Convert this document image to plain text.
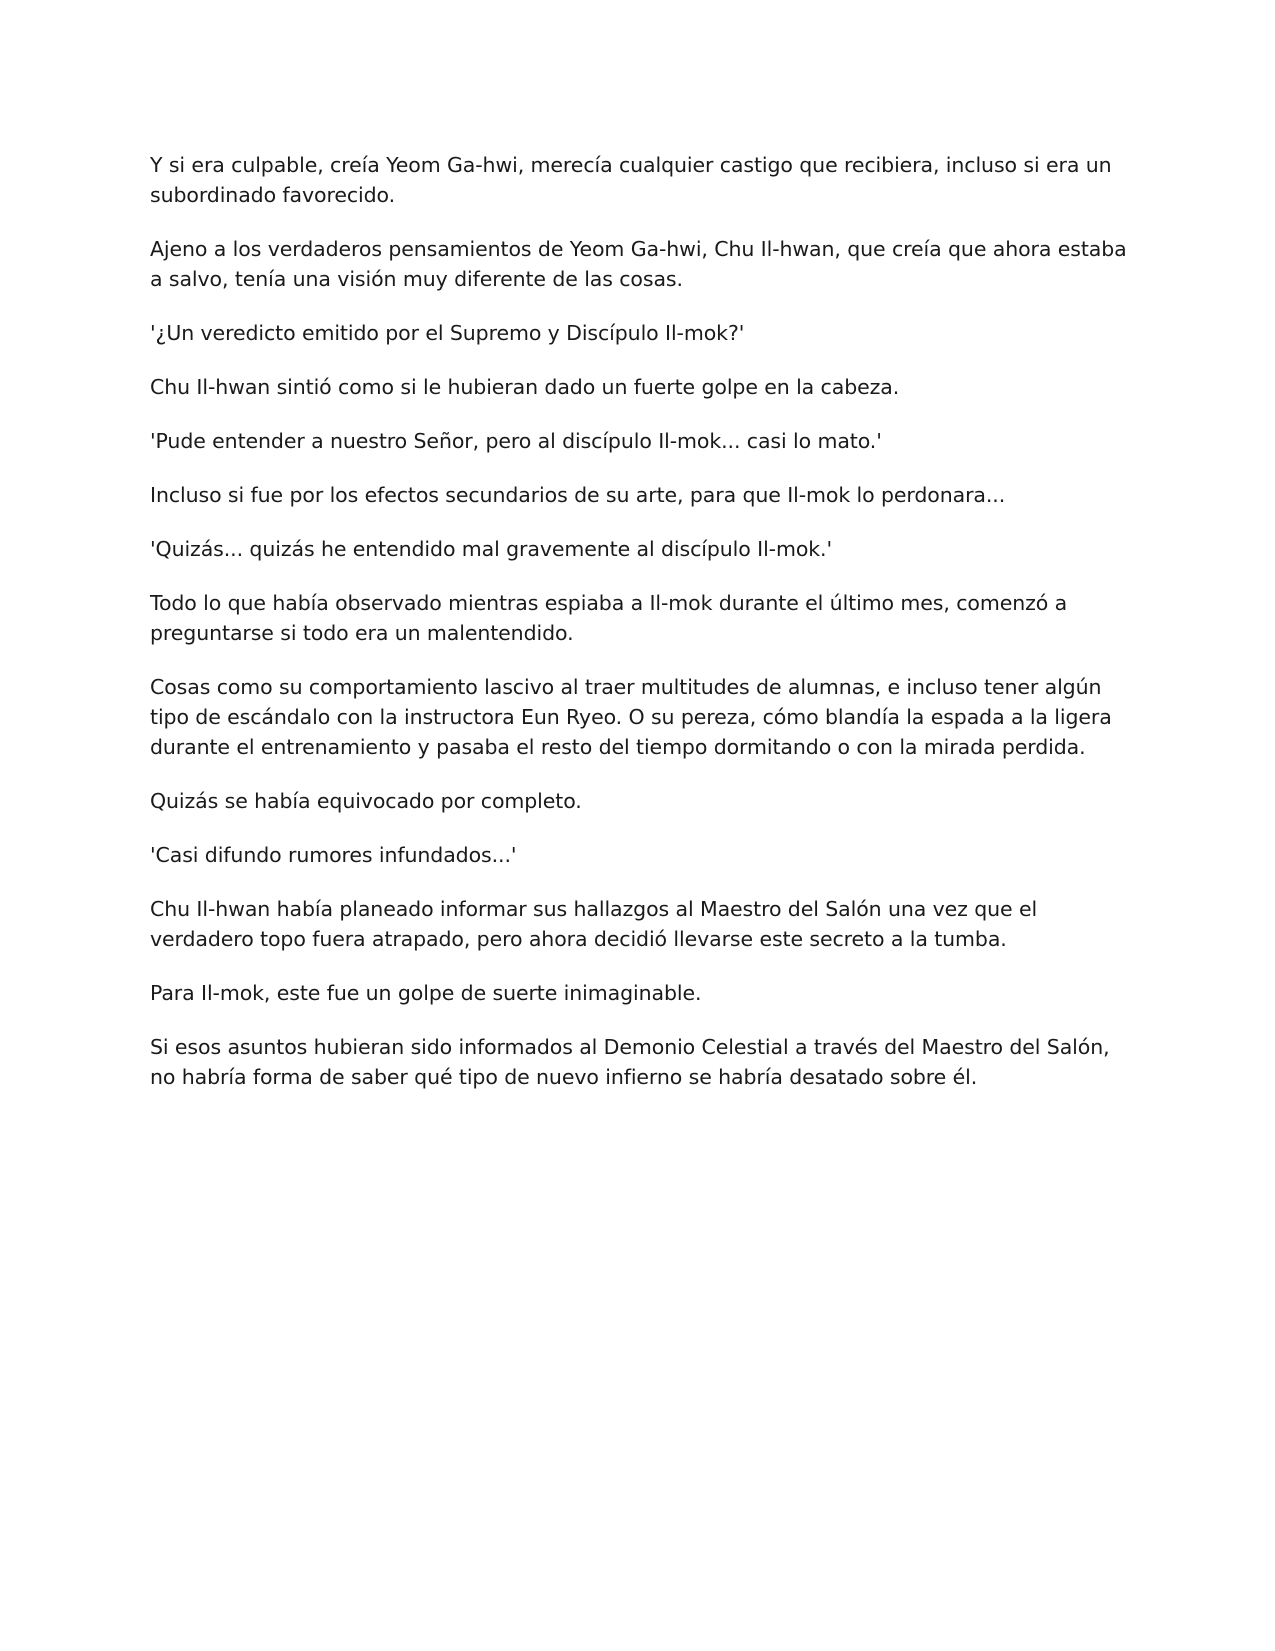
Y si era culpable, creía Yeom Ga-hwi, merecía cualquier castigo que recibiera, incluso si era un subordinado favorecido.

Ajeno a los verdaderos pensamientos de Yeom Ga-hwi, Chu Il-hwan, que creía que ahora estaba a salvo, tenía una visión muy diferente de las cosas.

'¿Un veredicto emitido por el Supremo y Discípulo Il-mok?'

Chu Il-hwan sintió como si le hubieran dado un fuerte golpe en la cabeza.

'Pude entender a nuestro Señor, pero al discípulo Il-mok... casi lo mato.'

Incluso si fue por los efectos secundarios de su arte, para que Il-mok lo perdonara...

'Quizás... quizás he entendido mal gravemente al discípulo Il-mok.'

Todo lo que había observado mientras espiaba a Il-mok durante el último mes, comenzó a preguntarse si todo era un malentendido.

Cosas como su comportamiento lascivo al traer multitudes de alumnas, e incluso tener algún tipo de escándalo con la instructora Eun Ryeo. O su pereza, cómo blandía la espada a la ligera durante el entrenamiento y pasaba el resto del tiempo dormitando o con la mirada perdida.

Quizás se había equivocado por completo.

'Casi difundo rumores infundados...'

Chu Il-hwan había planeado informar sus hallazgos al Maestro del Salón una vez que el verdadero topo fuera atrapado, pero ahora decidió llevarse este secreto a la tumba.

Para Il-mok, este fue un golpe de suerte inimaginable.

Si esos asuntos hubieran sido informados al Demonio Celestial a través del Maestro del Salón, no habría forma de saber qué tipo de nuevo infierno se habría desatado sobre él.
